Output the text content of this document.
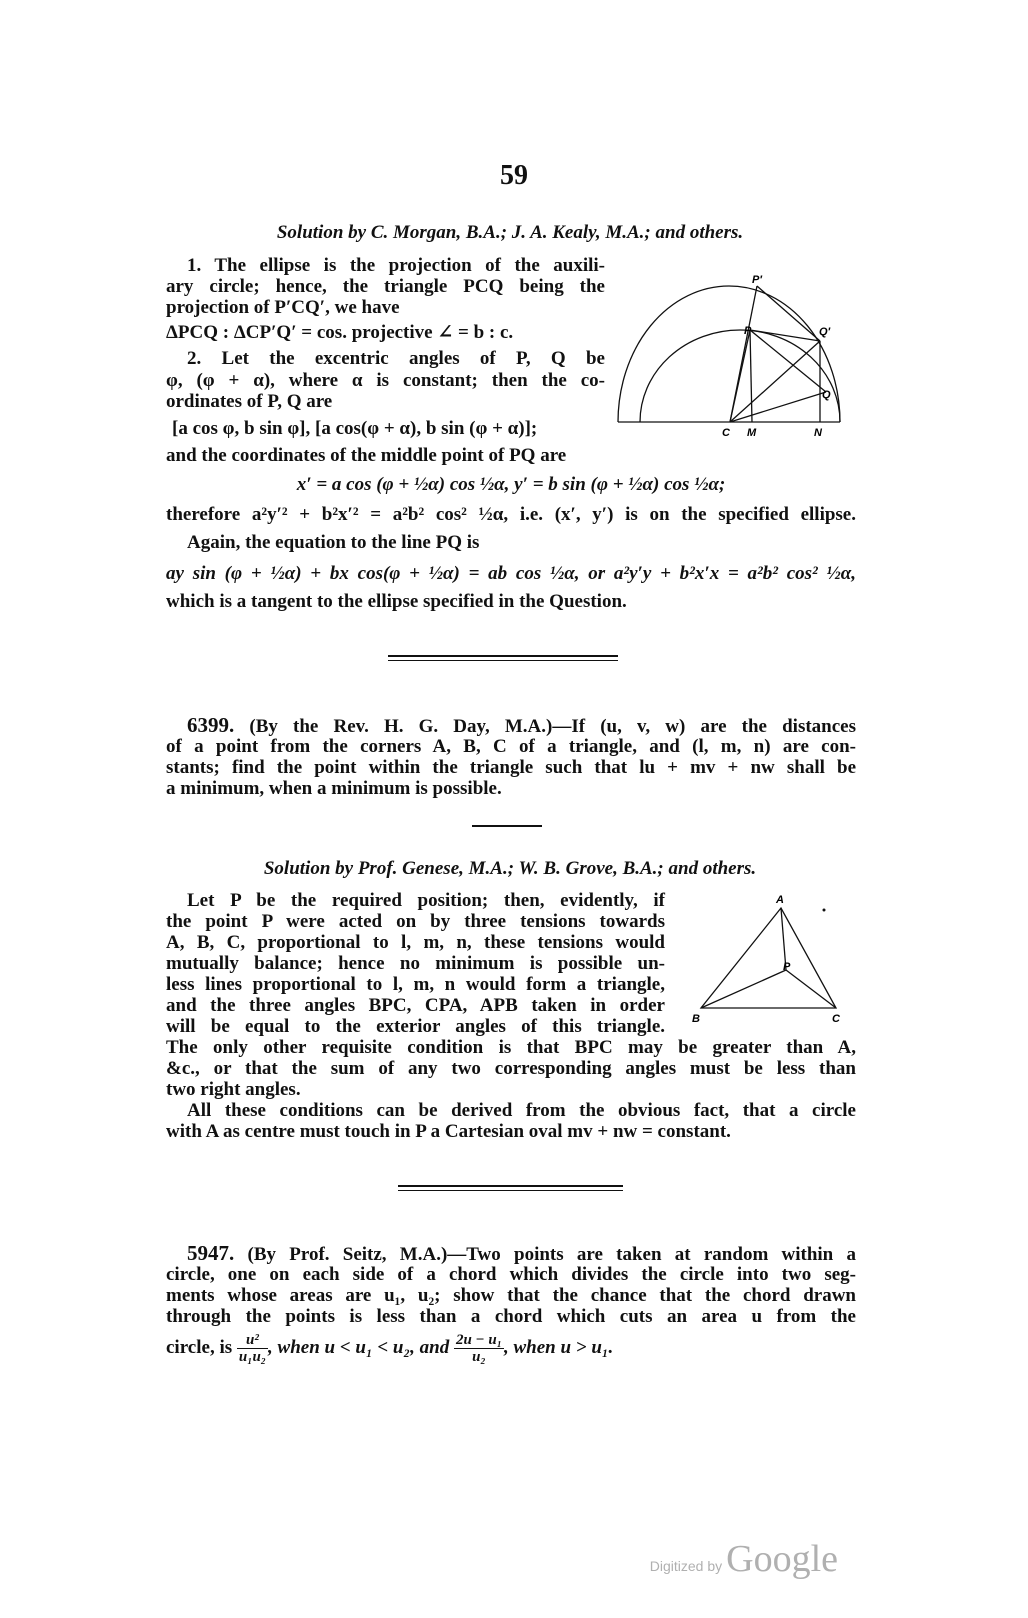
59
Solution by C. Morgan, B.A.; J. A. Kealy, M.A.; and others.
1. The ellipse is the projection of the auxili-
ary circle; hence, the triangle PCQ being the
projection of P′CQ′, we have
ΔPCQ : ΔCP′Q′ = cos. projective ∠ = b : c.
2. Let the excentric angles of P, Q be
φ, (φ + α), where α is constant; then the co-
ordinates of P, Q are
[a cos φ, b sin φ], [a cos(φ + α), b sin (φ + α)];
and the coordinates of the middle point of PQ are
x′ = a cos (φ + ½α) cos ½α, y′ = b sin (φ + ½α) cos ½α;
therefore a²y′² + b²x′² = a²b² cos² ½α, i.e. (x′, y′) is on the specified ellipse.
Again, the equation to the line PQ is
ay sin (φ + ½α) + bx cos(φ + ½α) = ab cos ½α, or a²y′y + b²x′x = a²b² cos² ½α,
which is a tangent to the ellipse specified in the Question.
P′
P	Q′
Q
C M	N
6399. (By the Rev. H. G. Day, M.A.)—If (u, v, w) are the distances
of a point from the corners A, B, C of a triangle, and (l, m, n) are con-
stants; find the point within the triangle such that lu + mv + nw shall be
a minimum, when a minimum is possible.
Solution by Prof. Genese, M.A.; W. B. Grove, B.A.; and others.
Let P be the required position; then, evidently, if
the point P were acted on by three tensions towards
A, B, C, proportional to l, m, n, these tensions would
mutually balance; hence no minimum is possible un-
less lines proportional to l, m, n would form a triangle,
and the three angles BPC, CPA, APB taken in order
will be equal to the exterior angles of this triangle.
The only other requisite condition is that BPC may be greater than A,
&c., or that the sum of any two corresponding angles must be less than
two right angles.
All these conditions can be derived from the obvious fact, that a circle
with A as centre must touch in P a Cartesian oval mv + nw = constant.
A
P
B	C
5947. (By Prof. Seitz, M.A.)—Two points are taken at random within a
circle, one on each side of a chord which divides the circle into two seg-
ments whose areas are u₁, u₂; show that the chance that the chord drawn
through the points is less than a chord which cuts an area u from the
circle, is $\frac{\text{u²}}{\text{u₁u₂}}$ , when u < u₁ < u₂, and $\frac{\text{2u − u₁}}{\text{u₂}}$ , when u > u₁.
Digitized by Google
